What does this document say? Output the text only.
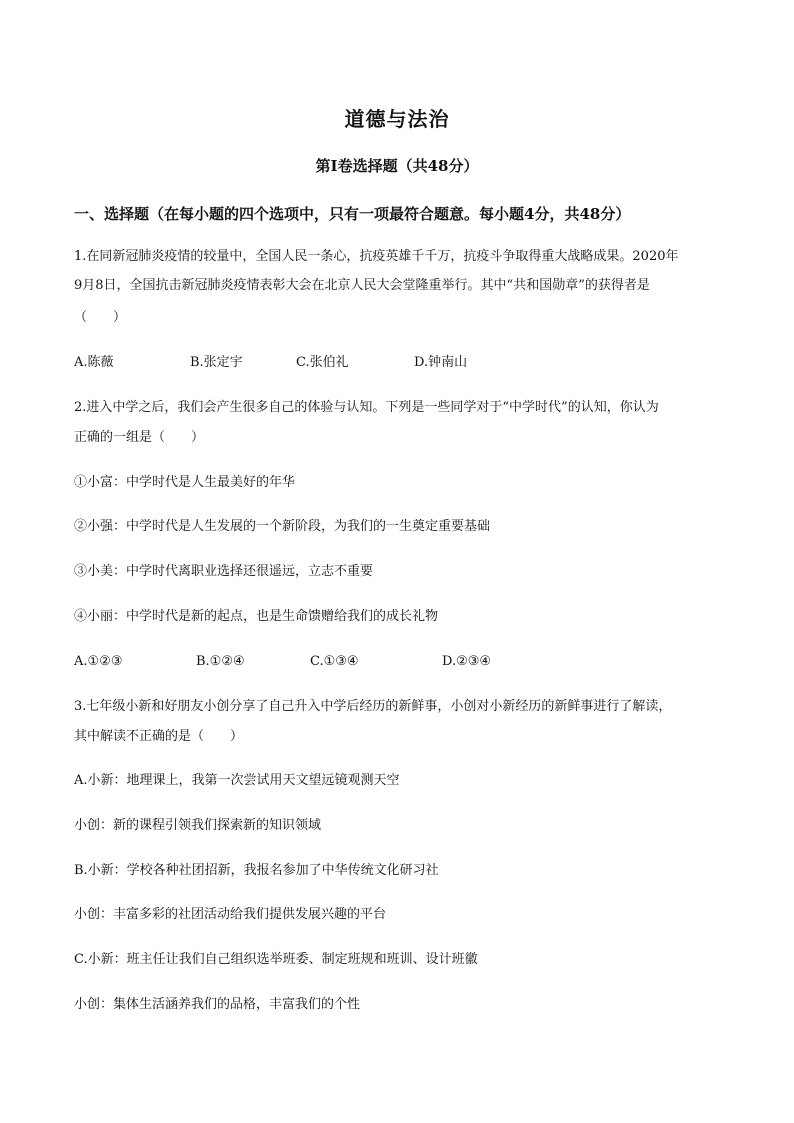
道德与法治
第Ⅰ卷选择题（共48分）
一、选择题（在每小题的四个选项中，只有一项最符合题意。每小题4分，共48分）
1.在同新冠肺炎疫情的较量中，全国人民一条心，抗疫英雄千千万，抗疫斗争取得重大战略成果。2020年
9月8日，全国抗击新冠肺炎疫情表彰大会在北京人民大会堂隆重举行。其中“共和国勋章”的获得者是
（　　）
A.陈薇	B.张定宇	C.张伯礼	D.钟南山
2.进入中学之后，我们会产生很多自己的体验与认知。下列是一些同学对于“中学时代”的认知，你认为
正确的一组是（　　）
①小富：中学时代是人生最美好的年华
②小强：中学时代是人生发展的一个新阶段，为我们的一生奠定重要基础
③小美：中学时代离职业选择还很遥远，立志不重要
④小丽：中学时代是新的起点，也是生命馈赠给我们的成长礼物
A.①②③	B.①②④	C.①③④	D.②③④
3.七年级小新和好朋友小创分享了自己升入中学后经历的新鲜事，小创对小新经历的新鲜事进行了解读，
其中解读不正确的是（　　）
A.小新：地理课上，我第一次尝试用天文望远镜观测天空
小创：新的课程引领我们探索新的知识领域
B.小新：学校各种社团招新，我报名参加了中华传统文化研习社
小创：丰富多彩的社团活动给我们提供发展兴趣的平台
C.小新：班主任让我们自己组织选举班委、制定班规和班训、设计班徽
小创：集体生活涵养我们的品格，丰富我们的个性
